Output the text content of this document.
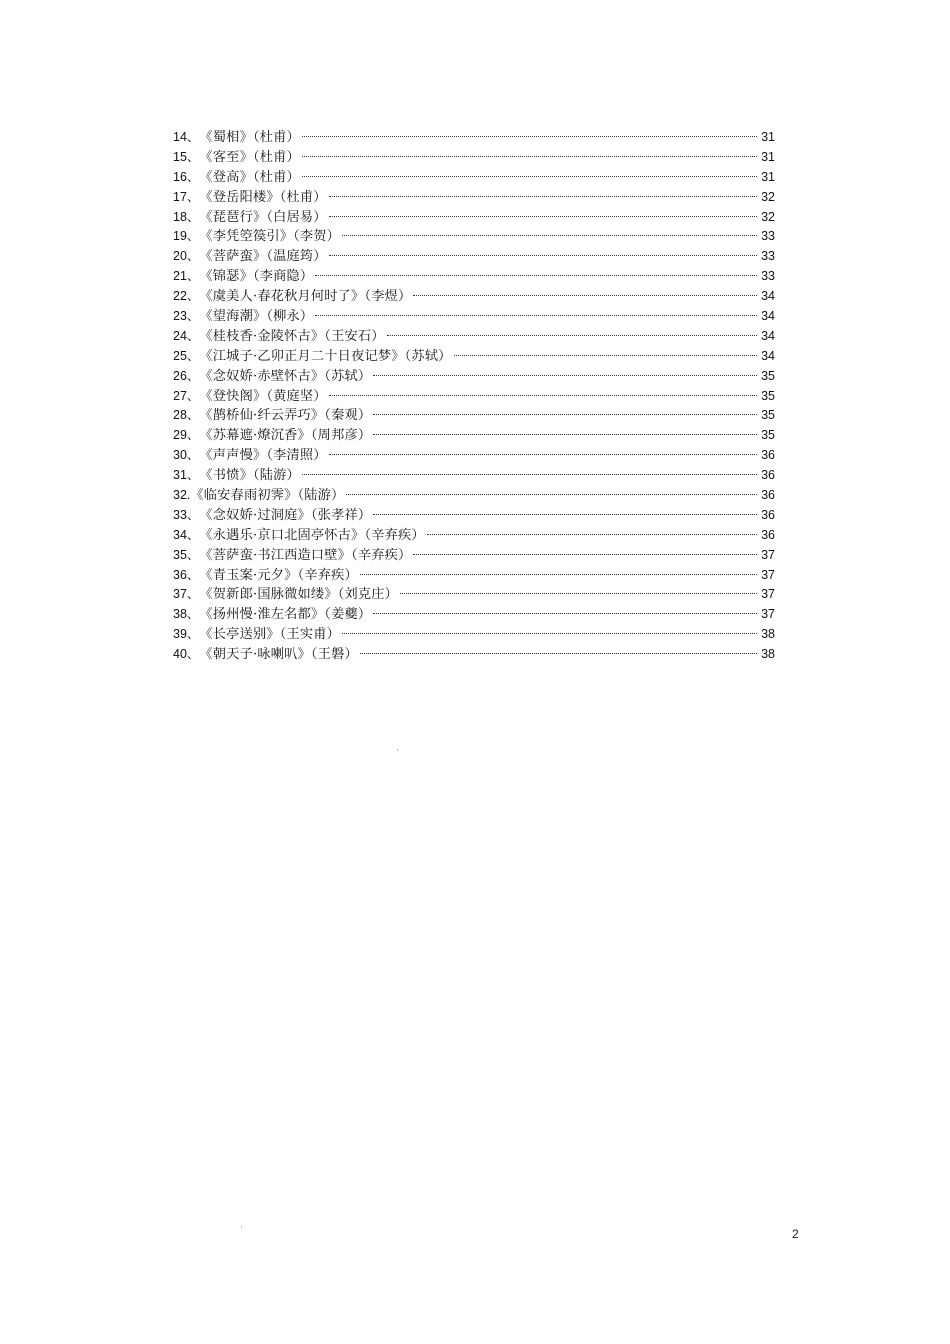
14、 《蜀相》（杜甫）	31
15、 《客至》（杜甫）	31
16、 《登高》（杜甫）	31
17、 《登岳阳楼》（杜甫）	32
18、 《琵琶行》（白居易）	32
19、 《李凭箜篌引》（李贺）	33
20、 《菩萨蛮》（温庭筠）	33
21、 《锦瑟》（李商隐）	33
22、 《虞美人·春花秋月何时了》（李煜）	34
23、 《望海潮》（柳永）	34
24、 《桂枝香·金陵怀古》（王安石）	34
25、 《江城子·乙卯正月二十日夜记梦》（苏轼）	34
26、 《念奴娇·赤壁怀古》（苏轼）	35
27、 《登快阁》（黄庭坚）	35
28、 《鹊桥仙·纤云弄巧》（秦观）	35
29、 《苏幕遮·燎沉香》（周邦彦）	35
30、 《声声慢》（李清照）	36
31、 《书愤》（陆游）	36
32. 《临安春雨初霁》（陆游）	36
33、 《念奴娇·过洞庭》（张孝祥）	36
34、 《永遇乐·京口北固亭怀古》（辛弃疾）	36
35、 《菩萨蛮·书江西造口壁》（辛弃疾）	37
36、 《青玉案·元夕》（辛弃疾）	37
37、 《贺新郎·国脉微如缕》（刘克庄）	37
38、 《扬州慢·淮左名都》（姜夔）	37
39、 《长亭送别》（王实甫）	38
40、 《朝天子·咏喇叭》（王磐）	38
2
